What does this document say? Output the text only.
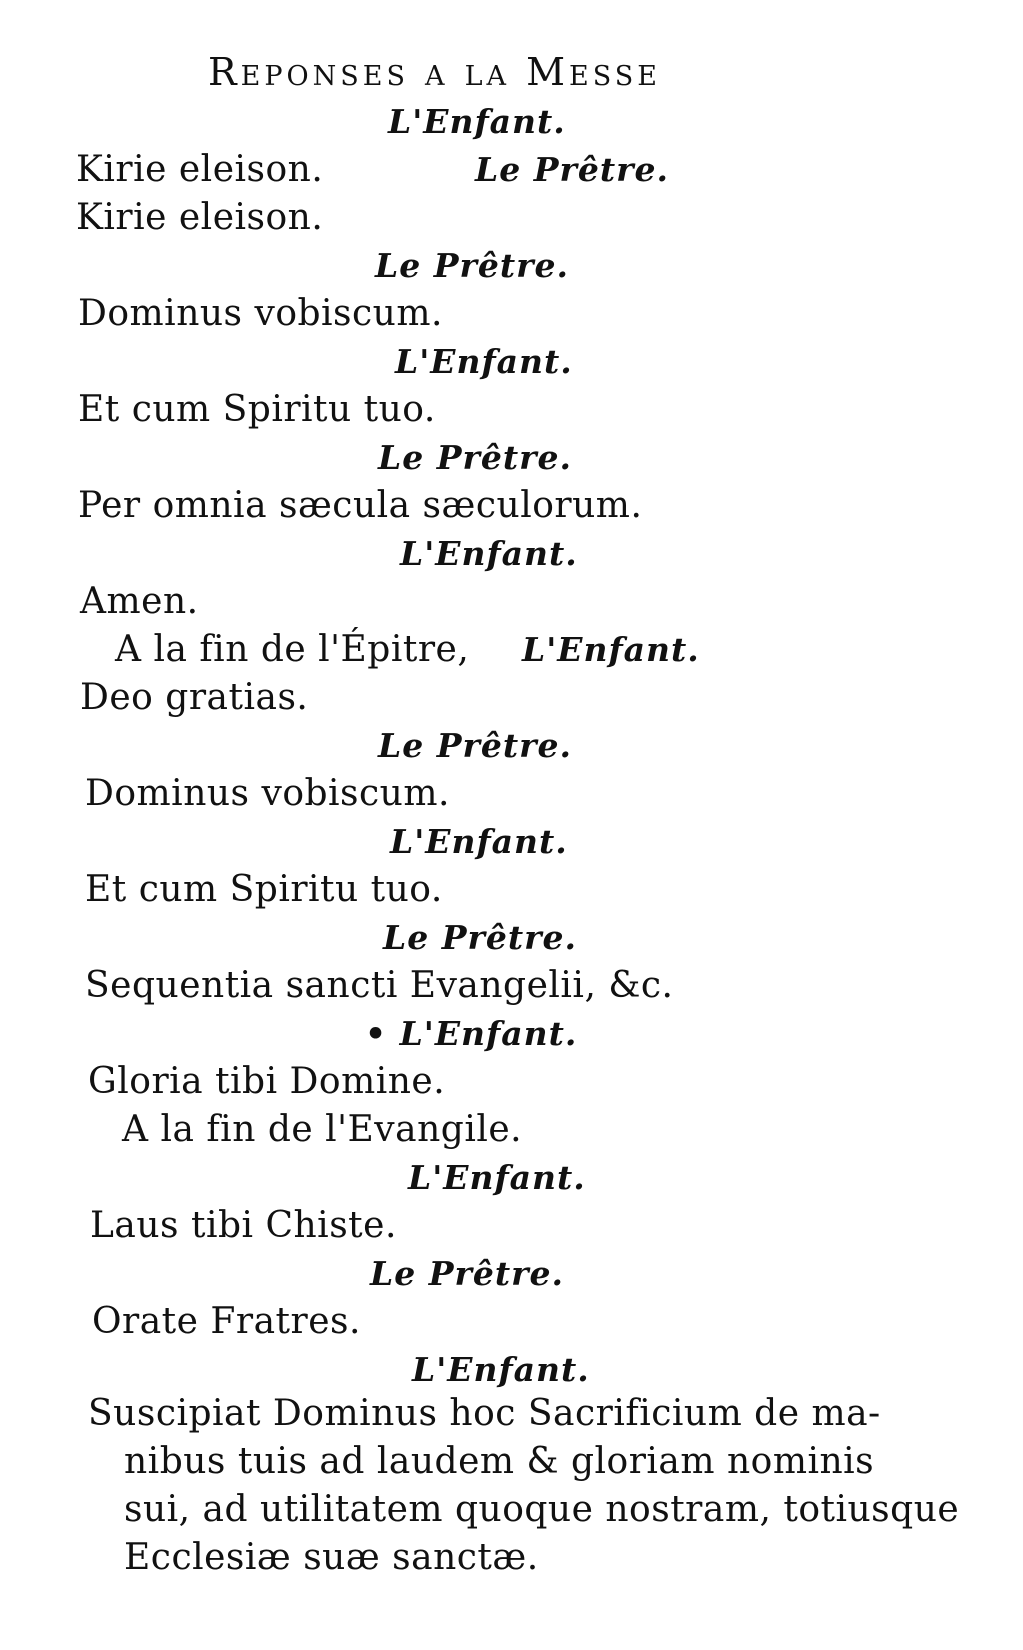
Reponses a la Messe
L'Enfant.
Kirie eleison.	Le Prêtre.
Kirie eleison.
Le Prêtre.
Dominus vobiscum.
L'Enfant.
Et cum Spiritu tuo.
Le Prêtre.
Per omnia sæcula sæculorum.
L'Enfant.
Amen.
A la fin de l'Épitre, L'Enfant.
Deo gratias.
Le Prêtre.
Dominus vobiscum.
L'Enfant.
Et cum Spiritu tuo.
Le Prêtre.
Sequentia sancti Evangelii, &c.
• L'Enfant.
Gloria tibi Domine.
A la fin de l'Evangile.
L'Enfant.
Laus tibi Chiste.
Le Prêtre.
Orate Fratres.
L'Enfant.
Suscipiat Dominus hoc Sacrificium de ma-
nibus tuis ad laudem & gloriam nominis
sui, ad utilitatem quoque nostram, totiusque
Ecclesiæ suæ sanctæ.
